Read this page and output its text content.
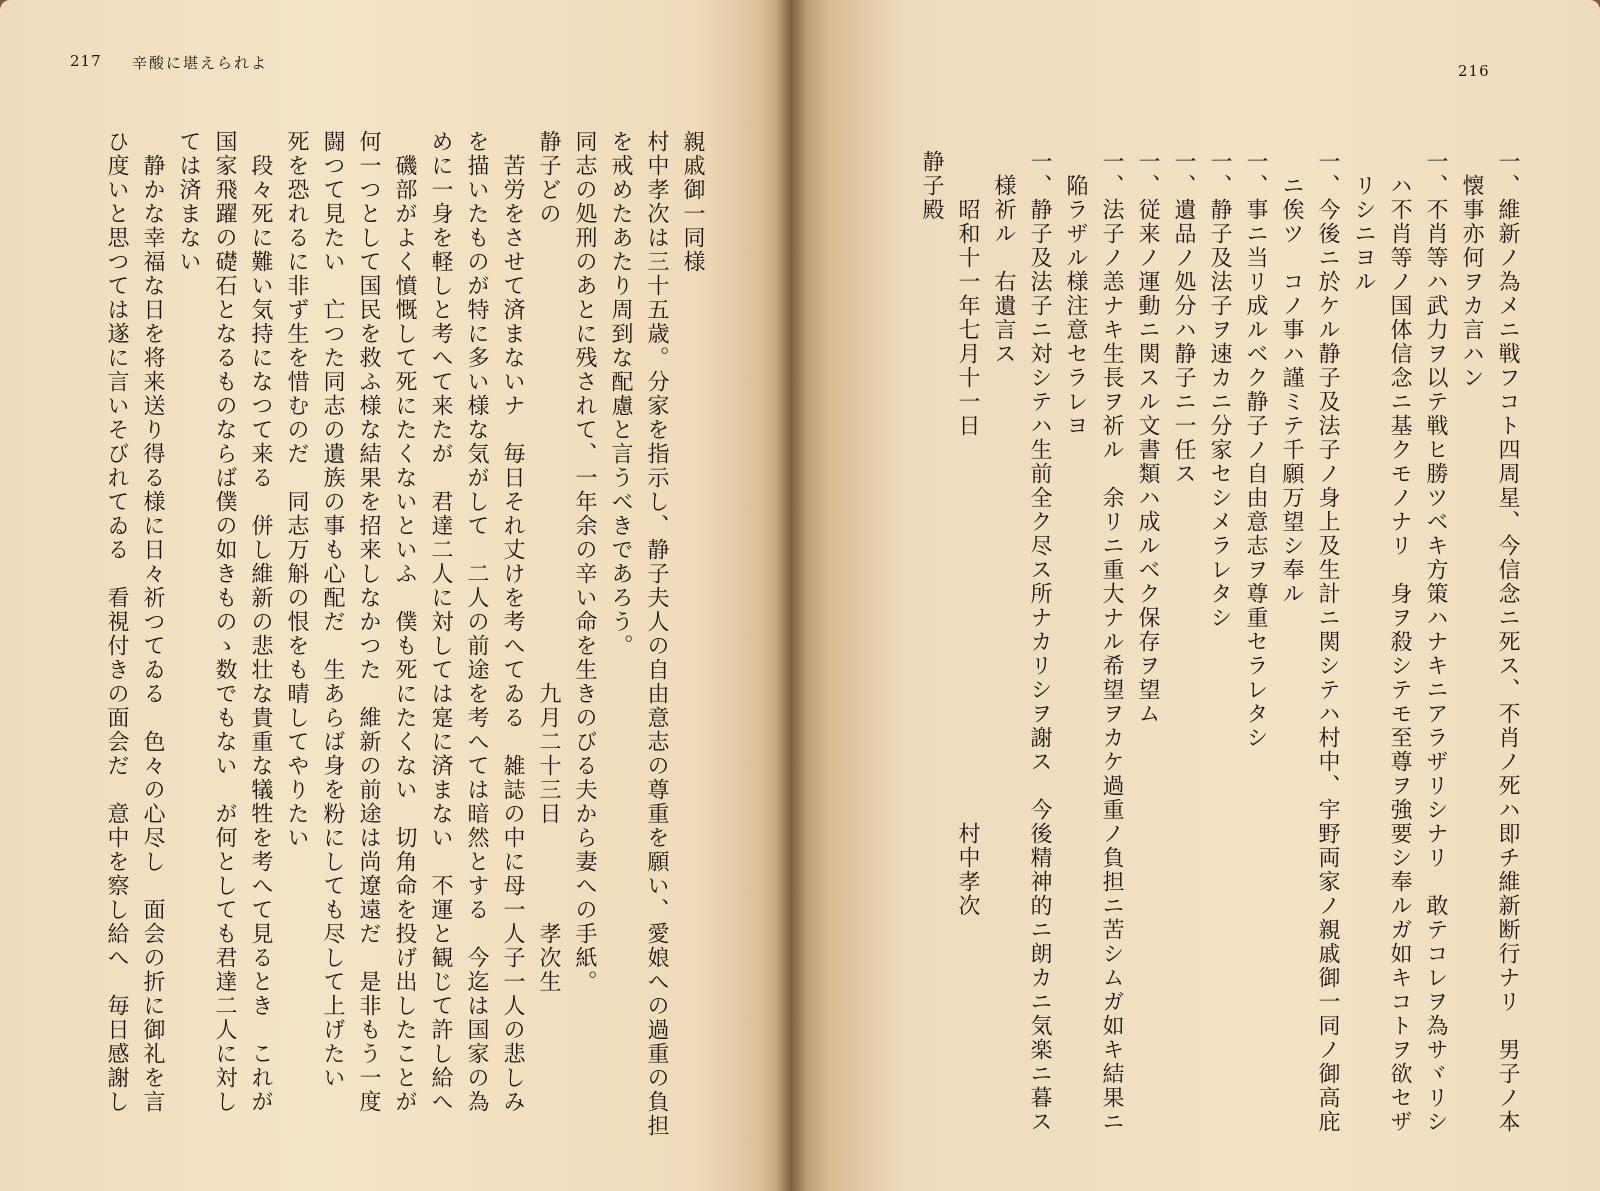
217 辛酸に堪えられよ
親戚御一同様
村中孝次は三十五歳。分家を指示し、静子夫人の自由意志の尊重を願い、愛娘への過重の負担
を戒めたあたり周到な配慮と言うべきであろう。
同志の処刑のあとに残されて、一年余の辛い命を生きのびる夫から妻への手紙。
静子どの　　　　　　　　　　　　　　　　　　　九月二十三日　　　　孝次生
　苦労をさせて済まないナ　毎日それ丈けを考へてゐる　雑誌の中に母一人子一人の悲しみ
を描いたものが特に多い様な気がして　二人の前途を考へては暗然とする　今迄は国家の為
めに一身を軽しと考へて来たが　君達二人に対しては寔に済まない　不運と観じて許し給へ
　磯部がよく憤慨して死にたくないといふ　僕も死にたくない　切角命を投げ出したことが
何一つとして国民を救ふ様な結果を招来しなかつた　維新の前途は尚遼遠だ　是非もう一度
闘つて見たい　亡つた同志の遺族の事も心配だ　生あらば身を粉にしても尽して上げたい
死を恐れるに非ず生を惜むのだ　同志万斛の恨をも晴してやりたい
　段々死に難い気持になつて来る　併し維新の悲壮な貴重な犠牲を考へて見るとき　これが
国家飛躍の礎石となるものならば僕の如きものゝ数でもない　が何としても君達二人に対し
ては済まない
　静かな幸福な日を将来送り得る様に日々祈つてゐる　色々の心尽し　面会の折に御礼を言
ひ度いと思つては遂に言いそびれてゐる　看視付きの面会だ　意中を察し給へ　毎日感謝し
216
一、維新ノ為メニ戦フコト四周星、今信念ニ死ス、不肖ノ死ハ即チ維新断行ナリ　男子ノ本
　懐事亦何ヲカ言ハン
一、不肖等ハ武力ヲ以テ戦ヒ勝ツベキ方策ハナキニアラザリシナリ　敢テコレヲ為サヾリシ
　ハ不肖等ノ国体信念ニ基クモノナリ　身ヲ殺シテモ至尊ヲ強要シ奉ルガ如キコトヲ欲セザ
　リシニヨル
一、今後ニ於ケル静子及法子ノ身上及生計ニ関シテハ村中、宇野両家ノ親戚御一同ノ御高庇
　ニ俟ツ　コノ事ハ謹ミテ千願万望シ奉ル
一、事ニ当リ成ルベク静子ノ自由意志ヲ尊重セラレタシ
一、静子及法子ヲ速カニ分家セシメラレタシ
一、遺品ノ処分ハ静子ニ一任ス
一、従来ノ運動ニ関スル文書類ハ成ルベク保存ヲ望ム
一、法子ノ恙ナキ生長ヲ祈ル　余リニ重大ナル希望ヲカケ過重ノ負担ニ苦シムガ如キ結果ニ
　陥ラザル様注意セラレヨ
一、静子及法子ニ対シテハ生前全ク尽ス所ナカリシヲ謝ス　今後精神的ニ朗カニ気楽ニ暮ス
　様祈ル　右遺言ス
　　昭和十一年七月十一日　　　　　　　　　　　　　　　　村中孝次
静子殿
